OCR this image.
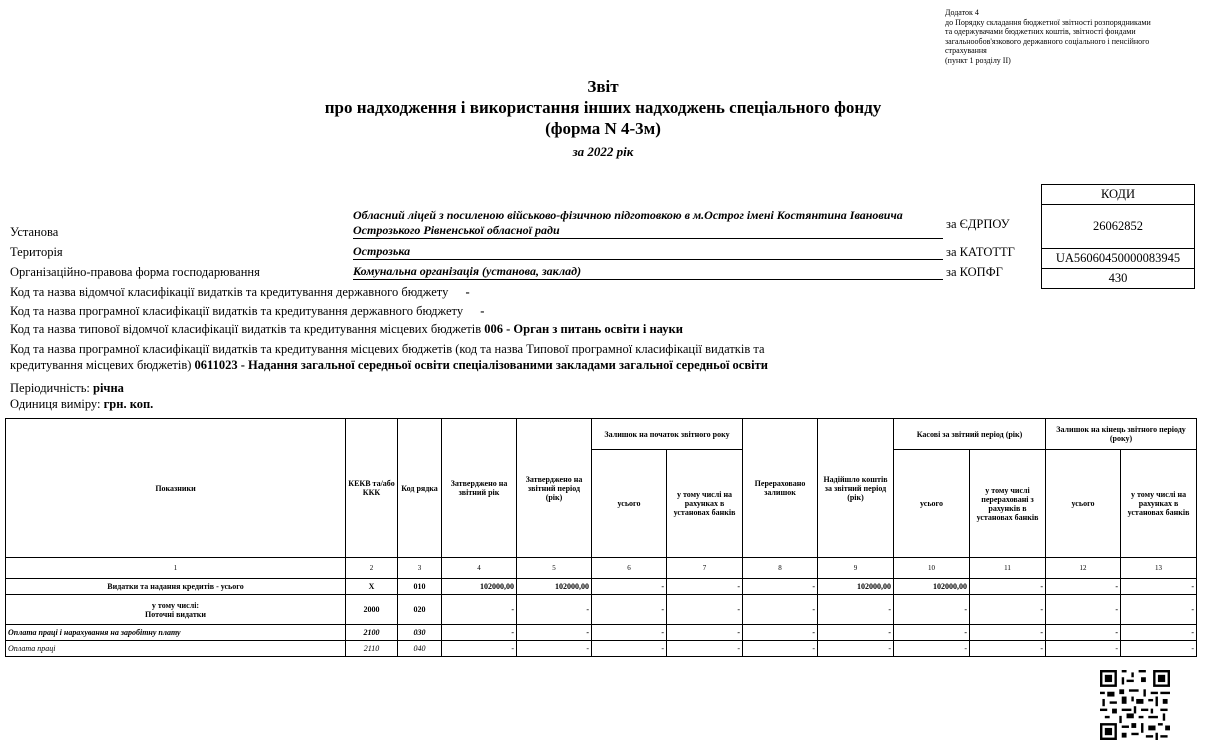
Додаток 4
до Порядку складання бюджетної звітності розпорядниками
та одержувачами бюджетних коштів, звітності фондами
загальнообов'язкового державного соціального і пенсійного
страхування
(пункт 1 розділу ІІ)
Звіт
про надходження і використання інших надходжень спеціального фонду
(форма N 4-3м)
за 2022 рік
КОДИ
26062852
UA56060450000083945
430
за ЄДРПОУ
за КАТОТТГ
за КОПФГ
Установа
Обласний ліцей з посиленою військово-фізичною підготовкою в м.Острог імені Костянтина Івановича Острозького Рівненської обласної ради
Територія	Острозька
Організаційно-правова форма господарювання	Комунальна організація (установа, заклад)
Код та назва відомчої класифікації видатків та кредитування державного бюджету -
Код та назва програмної класифікації видатків та кредитування державного бюджету -
Код та назва типової відомчої класифікації видатків та кредитування місцевих бюджетів 006 - Орган з питань освіти і науки
Код та назва програмної класифікації видатків та кредитування місцевих бюджетів (код та назва Типової програмної класифікації видатків та
кредитування місцевих бюджетів) 0611023 - Надання загальної середньої освіти спеціалізованими закладами загальної середньої освіти
Періодичність: річна
Одиниця виміру: грн. коп.
Показники	КЕКВ та/або ККК	Код рядка	Затверджено на звітний рік	Затверджено на звітний період (рік)	Залишок на початок звітного року		Перераховано залишок	Надійшло коштів за звітний період (рік)	Касові за звітний період (рік)		Залишок на кінець звітного періоду (року)	
					усього	у тому числі на рахунках в установах банків			усього	у тому числі перераховані з рахунків в установах банків	усього	у тому числі на рахунках в установах банків
1	2	3	4	5	6	7	8	9	10	11	12	13
Видатки та надання кредитів - усього	X	010	102000,00	102000,00	-	-	-	102000,00	102000,00	-	-	-

у тому числі:
Поточні видатки	2000	020	-	-	-	-	-	-	-	-	-	-
Оплата праці і нарахування на заробітну плату	2100	030	-	-	-	-	-	-	-	-	-	-
Оплата праці	2110	040	-	-	-	-	-	-	-	-	-	-
